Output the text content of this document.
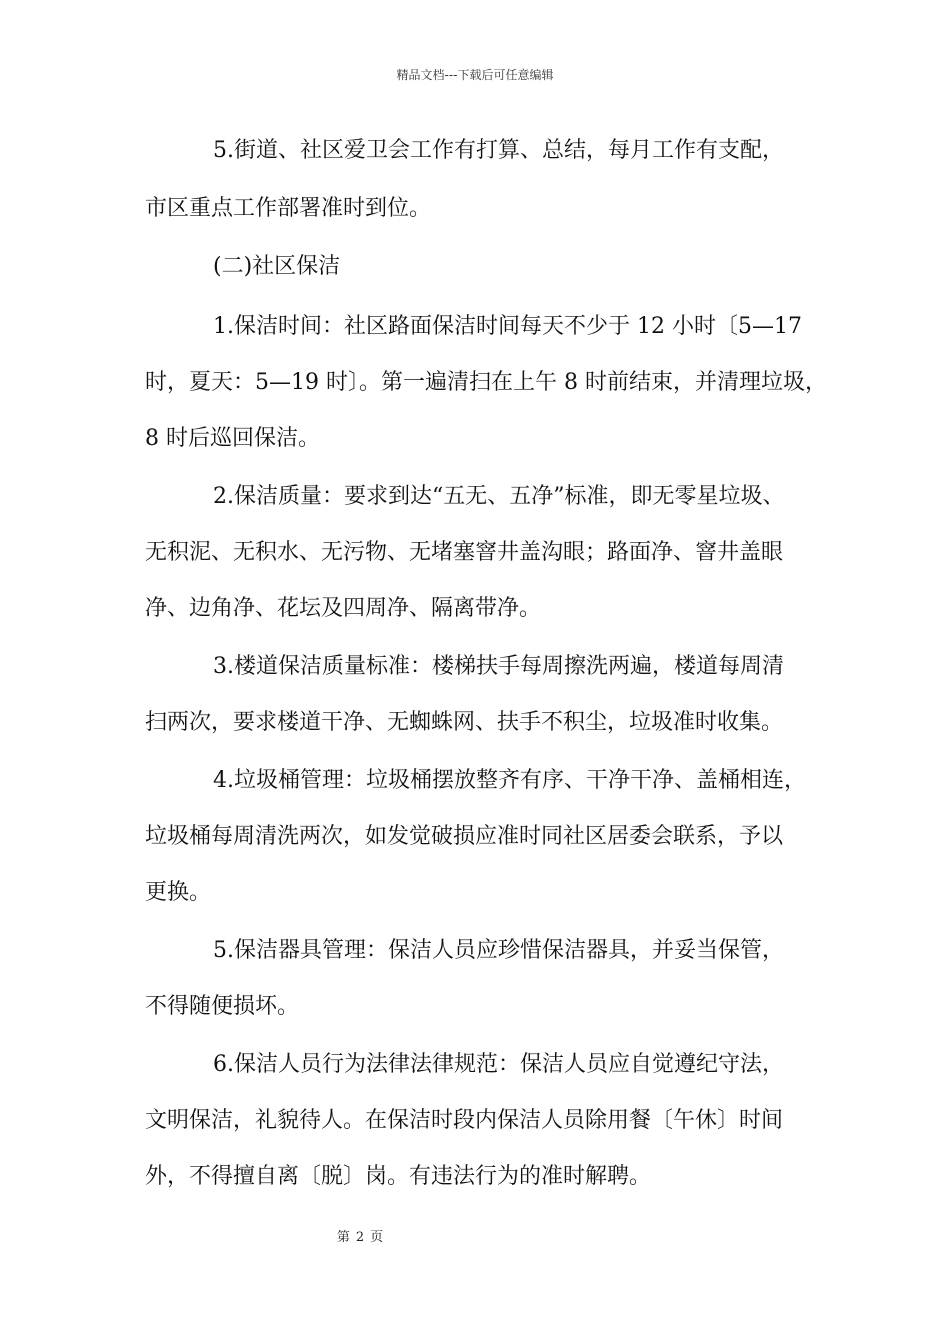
精品文档---下载后可任意编辑
5.街道、社区爱卫会工作有打算、总结，每月工作有支配，
市区重点工作部署准时到位。
(二)社区保洁
1.保洁时间：社区路面保洁时间每天不少于 12 小时〔5—17
时，夏天：5—19 时〕。第一遍清扫在上午 8 时前结束，并清理垃圾，
8 时后巡回保洁。
2.保洁质量：要求到达“五无、五净”标准，即无零星垃圾、
无积泥、无积水、无污物、无堵塞窨井盖沟眼；路面净、窨井盖眼
净、边角净、花坛及四周净、隔离带净。
3.楼道保洁质量标准：楼梯扶手每周擦洗两遍，楼道每周清
扫两次，要求楼道干净、无蜘蛛网、扶手不积尘，垃圾准时收集。
4.垃圾桶管理：垃圾桶摆放整齐有序、干净干净、盖桶相连，
垃圾桶每周清洗两次，如发觉破损应准时同社区居委会联系，予以
更换。
5.保洁器具管理：保洁人员应珍惜保洁器具，并妥当保管，
不得随便损坏。
6.保洁人员行为法律法律规范：保洁人员应自觉遵纪守法，
文明保洁，礼貌待人。在保洁时段内保洁人员除用餐〔午休〕时间
外，不得擅自离〔脱〕岗。有违法行为的准时解聘。
第 2 页
